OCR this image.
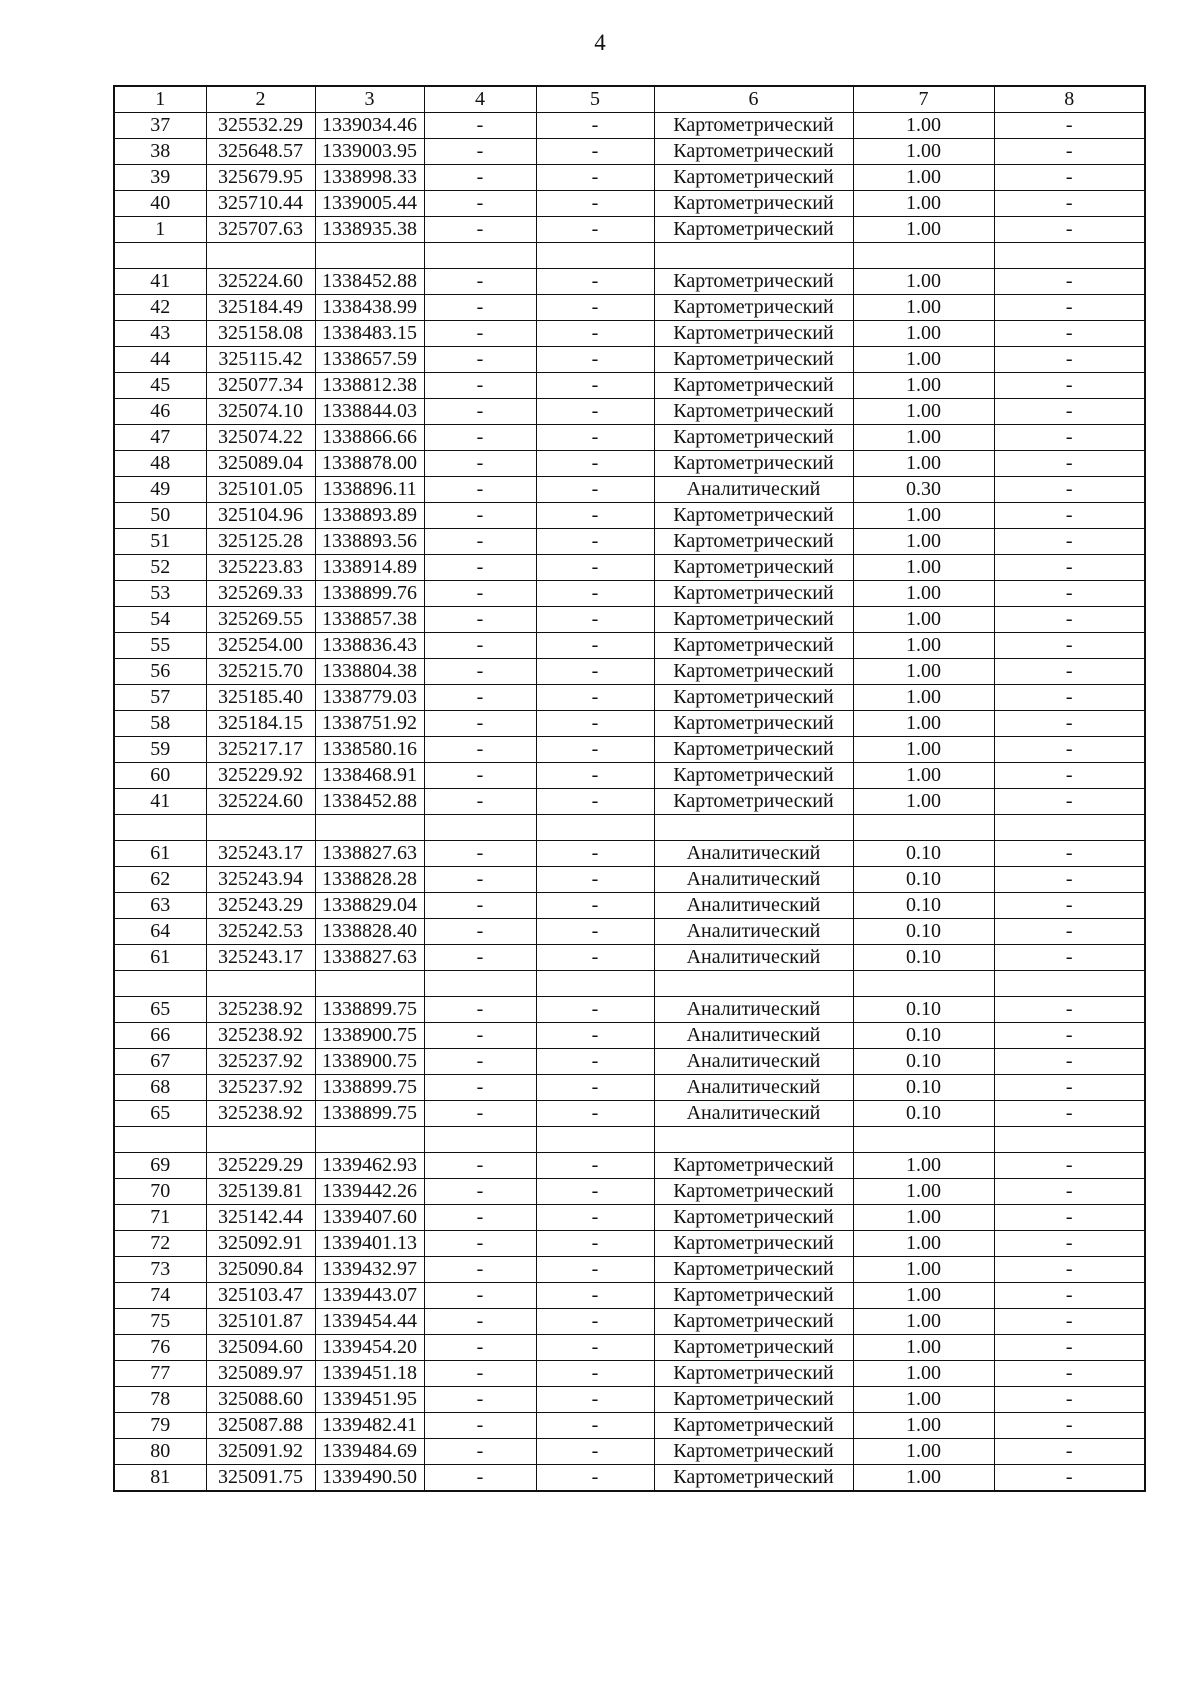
4
1	2	3	4	5	6	7	8
37	325532.29	1339034.46	-	-	Картометрический	1.00	-
38	325648.57	1339003.95	-	-	Картометрический	1.00	-
39	325679.95	1338998.33	-	-	Картометрический	1.00	-
40	325710.44	1339005.44	-	-	Картометрический	1.00	-
1	325707.63	1338935.38	-	-	Картометрический	1.00	-

41	325224.60	1338452.88	-	-	Картометрический	1.00	-
42	325184.49	1338438.99	-	-	Картометрический	1.00	-
43	325158.08	1338483.15	-	-	Картометрический	1.00	-
44	325115.42	1338657.59	-	-	Картометрический	1.00	-
45	325077.34	1338812.38	-	-	Картометрический	1.00	-
46	325074.10	1338844.03	-	-	Картометрический	1.00	-
47	325074.22	1338866.66	-	-	Картометрический	1.00	-
48	325089.04	1338878.00	-	-	Картометрический	1.00	-
49	325101.05	1338896.11	-	-	Аналитический	0.30	-
50	325104.96	1338893.89	-	-	Картометрический	1.00	-
51	325125.28	1338893.56	-	-	Картометрический	1.00	-
52	325223.83	1338914.89	-	-	Картометрический	1.00	-
53	325269.33	1338899.76	-	-	Картометрический	1.00	-
54	325269.55	1338857.38	-	-	Картометрический	1.00	-
55	325254.00	1338836.43	-	-	Картометрический	1.00	-
56	325215.70	1338804.38	-	-	Картометрический	1.00	-
57	325185.40	1338779.03	-	-	Картометрический	1.00	-
58	325184.15	1338751.92	-	-	Картометрический	1.00	-
59	325217.17	1338580.16	-	-	Картометрический	1.00	-
60	325229.92	1338468.91	-	-	Картометрический	1.00	-
41	325224.60	1338452.88	-	-	Картометрический	1.00	-

61	325243.17	1338827.63	-	-	Аналитический	0.10	-
62	325243.94	1338828.28	-	-	Аналитический	0.10	-
63	325243.29	1338829.04	-	-	Аналитический	0.10	-
64	325242.53	1338828.40	-	-	Аналитический	0.10	-
61	325243.17	1338827.63	-	-	Аналитический	0.10	-

65	325238.92	1338899.75	-	-	Аналитический	0.10	-
66	325238.92	1338900.75	-	-	Аналитический	0.10	-
67	325237.92	1338900.75	-	-	Аналитический	0.10	-
68	325237.92	1338899.75	-	-	Аналитический	0.10	-
65	325238.92	1338899.75	-	-	Аналитический	0.10	-

69	325229.29	1339462.93	-	-	Картометрический	1.00	-
70	325139.81	1339442.26	-	-	Картометрический	1.00	-
71	325142.44	1339407.60	-	-	Картометрический	1.00	-
72	325092.91	1339401.13	-	-	Картометрический	1.00	-
73	325090.84	1339432.97	-	-	Картометрический	1.00	-
74	325103.47	1339443.07	-	-	Картометрический	1.00	-
75	325101.87	1339454.44	-	-	Картометрический	1.00	-
76	325094.60	1339454.20	-	-	Картометрический	1.00	-
77	325089.97	1339451.18	-	-	Картометрический	1.00	-
78	325088.60	1339451.95	-	-	Картометрический	1.00	-
79	325087.88	1339482.41	-	-	Картометрический	1.00	-
80	325091.92	1339484.69	-	-	Картометрический	1.00	-
81	325091.75	1339490.50	-	-	Картометрический	1.00	-
